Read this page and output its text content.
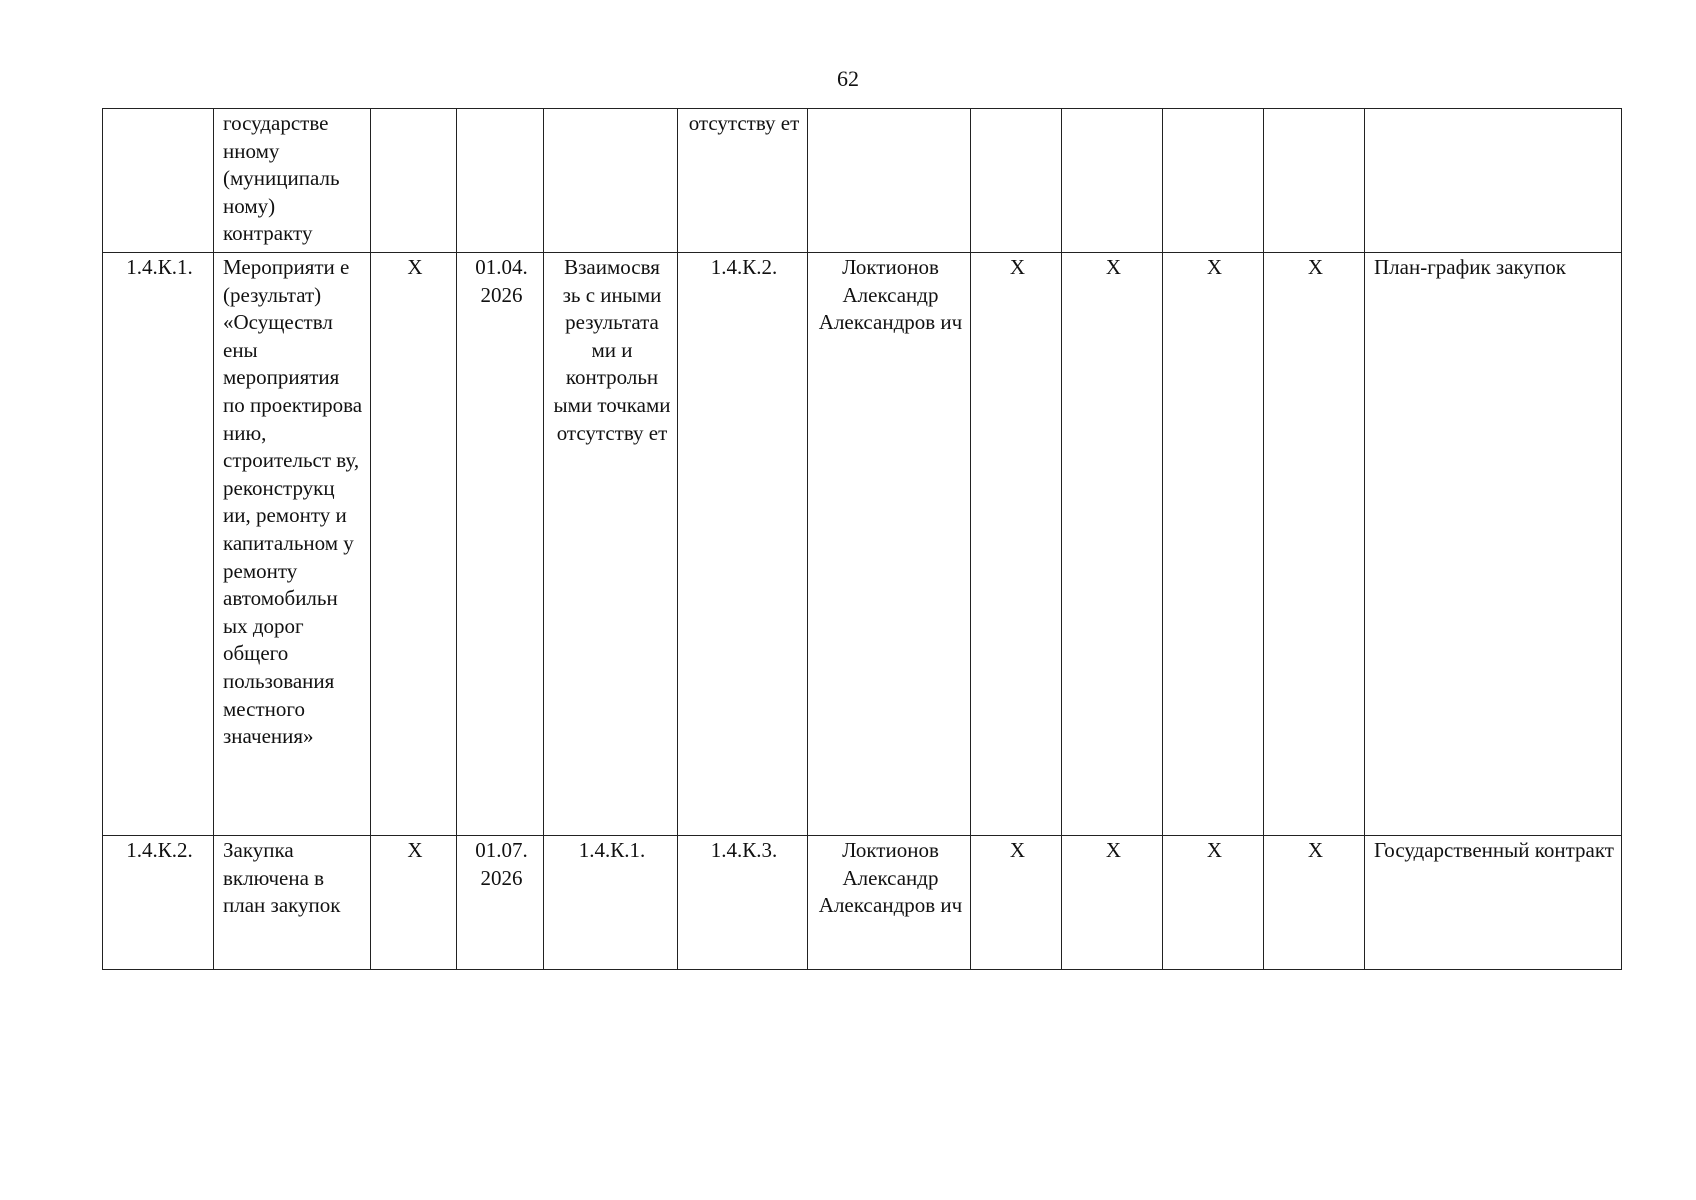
62
	государстве нному (муниципаль ному) контракту				отсутству ет						
1.4.К.1.	Мероприяти е (результат) «Осуществл ены мероприятия по проектирова нию, строительст ву, реконструкц ии, ремонту и капитальном у ремонту автомобильн ых дорог общего пользования местного значения»	X	01.04. 2026	Взаимосвя зь с иными результата ми и контрольн ыми точками отсутству ет	1.4.К.2.	Локтионов Александр Александров ич	X	X	X	X	План-график закупок
1.4.К.2.	Закупка включена в план закупок	X	01.07. 2026	1.4.К.1.	1.4.К.3.	Локтионов Александр Александров ич	X	X	X	X	Государственный контракт
